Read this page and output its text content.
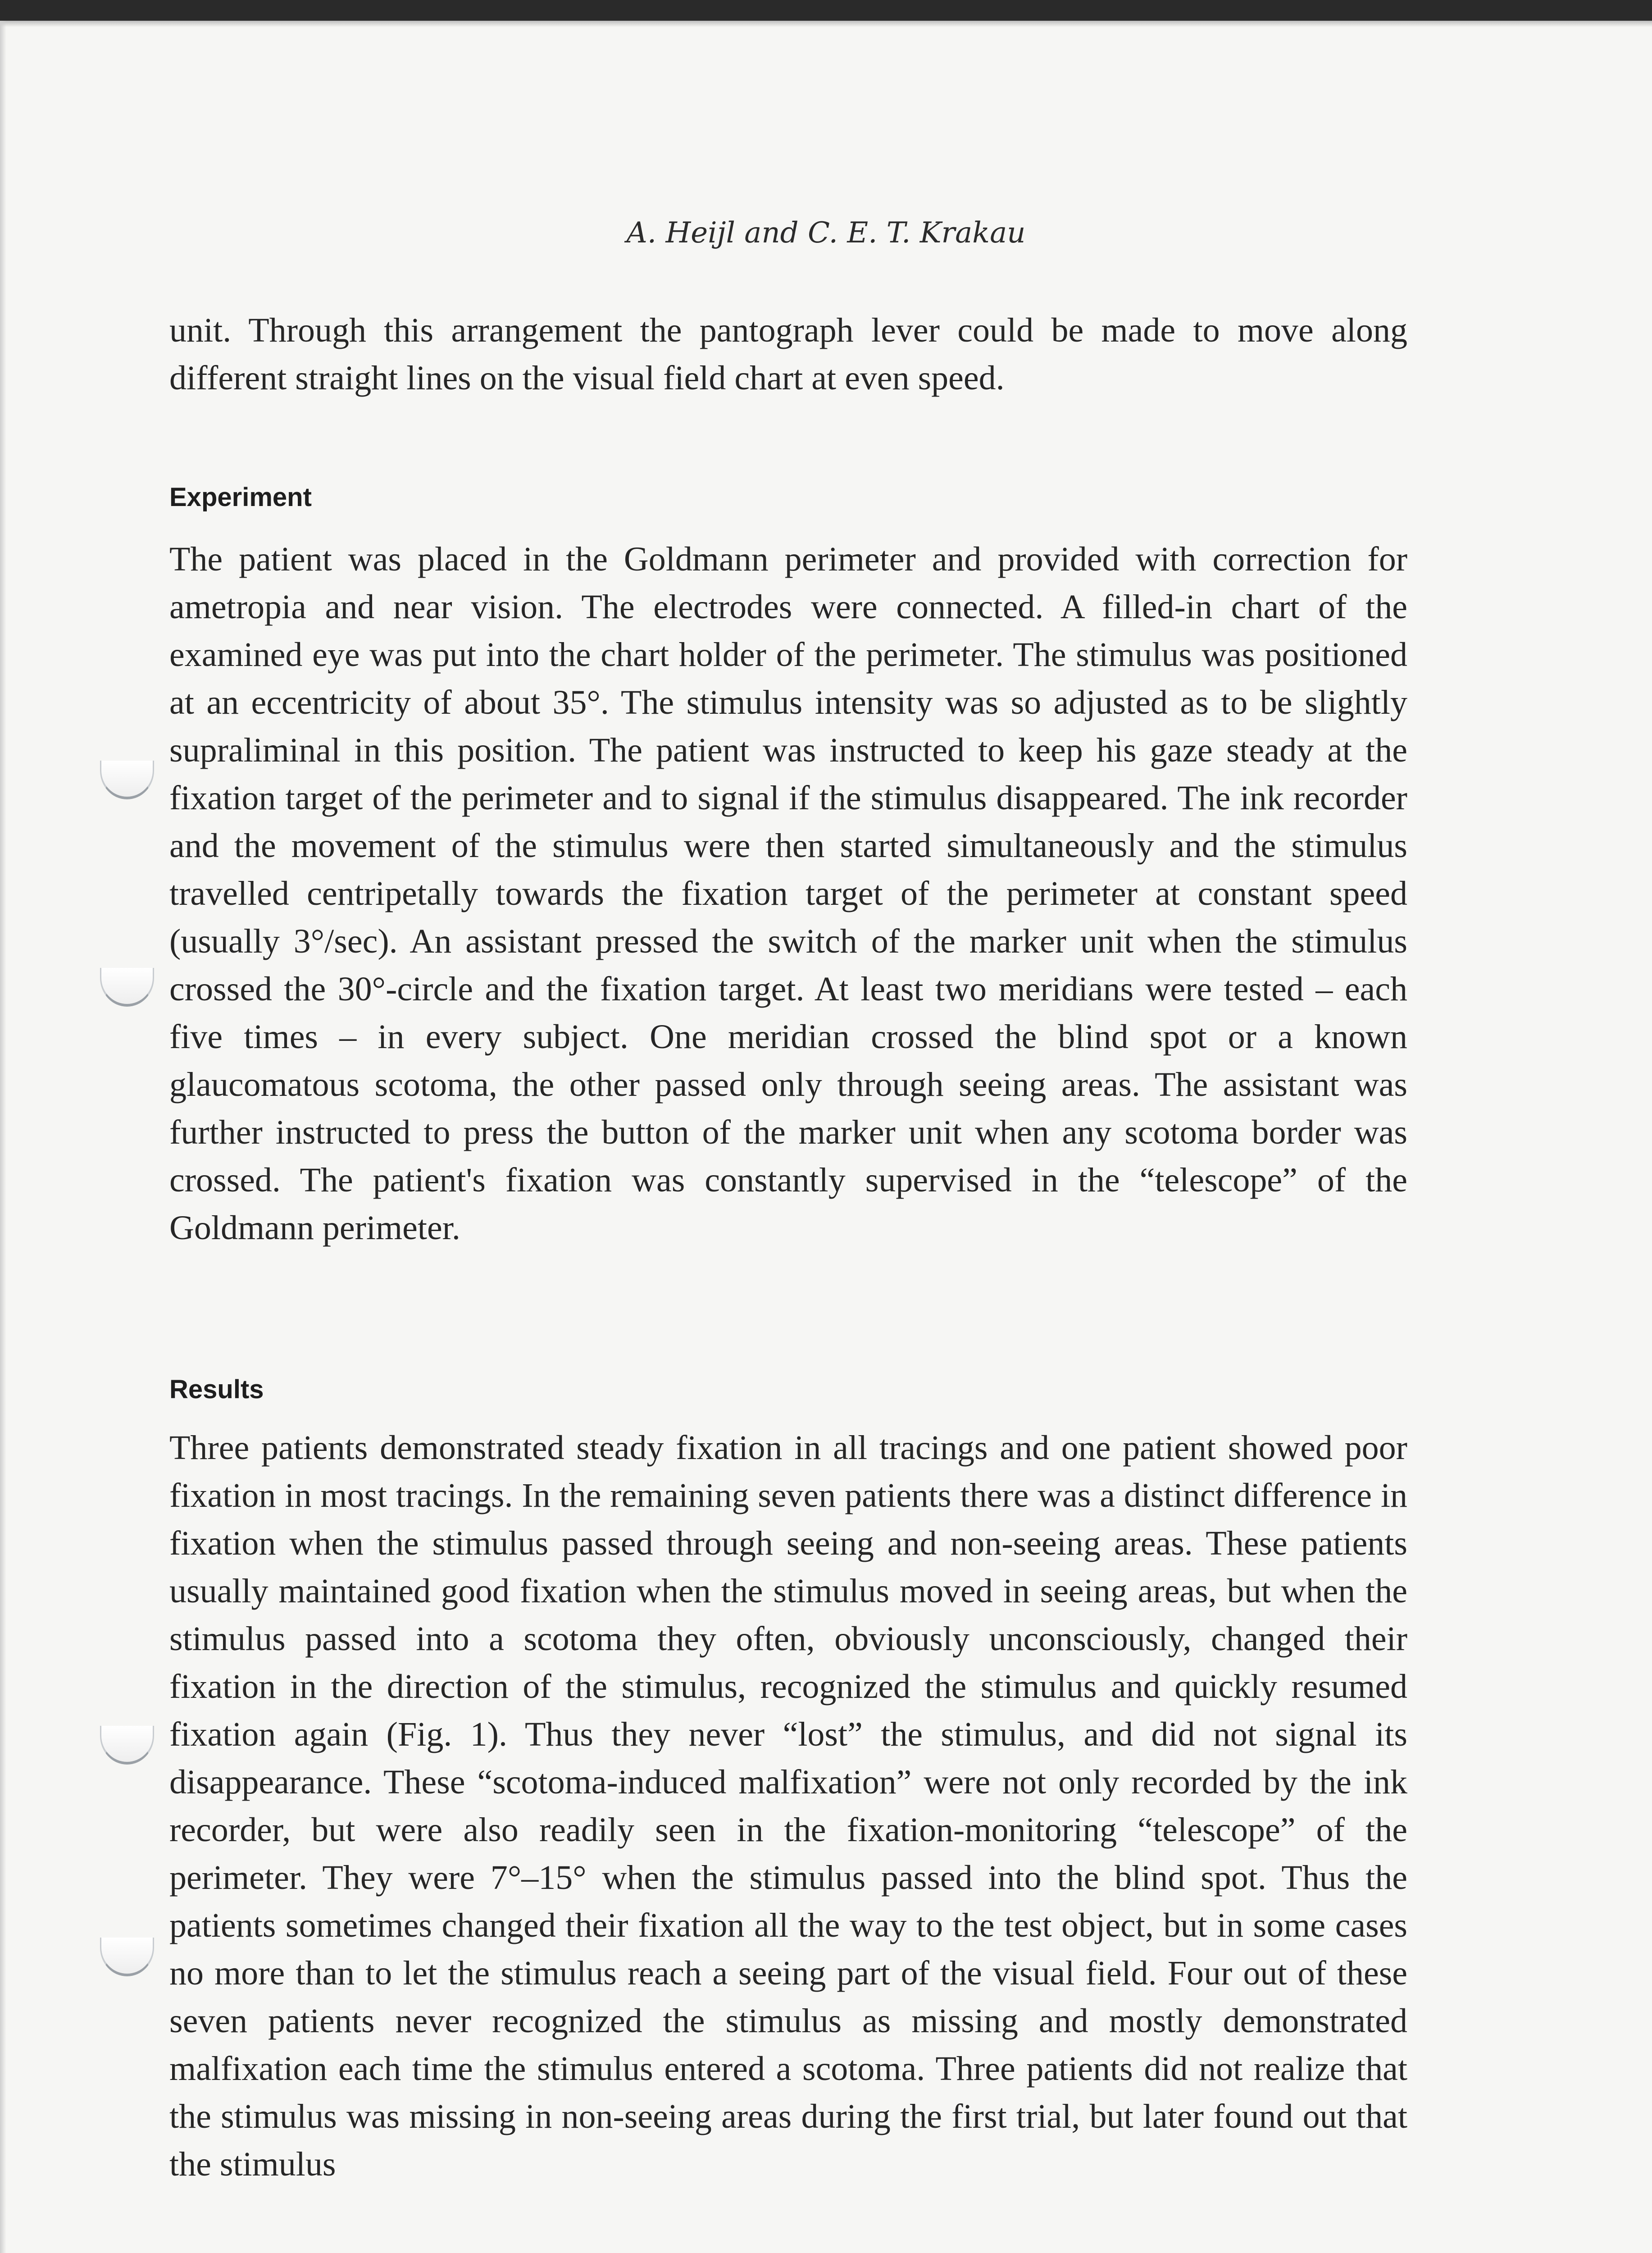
A. Heijl and C. E. T. Krakau

unit. Through this arrangement the pantograph lever could be made to move along different straight lines on the visual field chart at even speed.

Experiment

The patient was placed in the Goldmann perimeter and provided with correction for ametropia and near vision. The electrodes were connected. A filled-in chart of the examined eye was put into the chart holder of the perimeter. The stimulus was positioned at an eccentricity of about 35°. The stimulus intensity was so adjusted as to be slightly supraliminal in this position. The patient was instructed to keep his gaze steady at the fixation target of the perimeter and to signal if the stimulus disappeared. The ink recorder and the movement of the stimulus were then started simultaneously and the stimulus travelled centripetally towards the fixation target of the perimeter at constant speed (usually 3°/sec). An assistant pressed the switch of the marker unit when the stimulus crossed the 30°-circle and the fixation target. At least two meridians were tested – each five times – in every subject. One meridian crossed the blind spot or a known glaucomatous scotoma, the other passed only through seeing areas. The assistant was further instructed to press the button of the marker unit when any scotoma border was crossed. The patient's fixation was constantly supervised in the “telescope” of the Goldmann perimeter.

Results

Three patients demonstrated steady fixation in all tracings and one patient showed poor fixation in most tracings. In the remaining seven patients there was a distinct difference in fixation when the stimulus passed through seeing and non-seeing areas. These patients usually maintained good fixation when the stimulus moved in seeing areas, but when the stimulus passed into a scotoma they often, obviously unconsciously, changed their fixation in the direction of the stimulus, recognized the stimulus and quickly resumed fixation again (Fig. 1). Thus they never “lost” the stimulus, and did not signal its disappearance. These “scotoma-induced malfixation” were not only recorded by the ink recorder, but were also readily seen in the fixation-monitoring “telescope” of the perimeter. They were 7°–15° when the stimulus passed into the blind spot. Thus the patients sometimes changed their fixation all the way to the test object, but in some cases no more than to let the stimulus reach a seeing part of the visual field. Four out of these seven patients never recognized the stimulus as missing and mostly demonstrated malfixation each time the stimulus entered a scotoma. Three patients did not realize that the stimulus was missing in non-seeing areas during the first trial, but later found out that the stimulus
